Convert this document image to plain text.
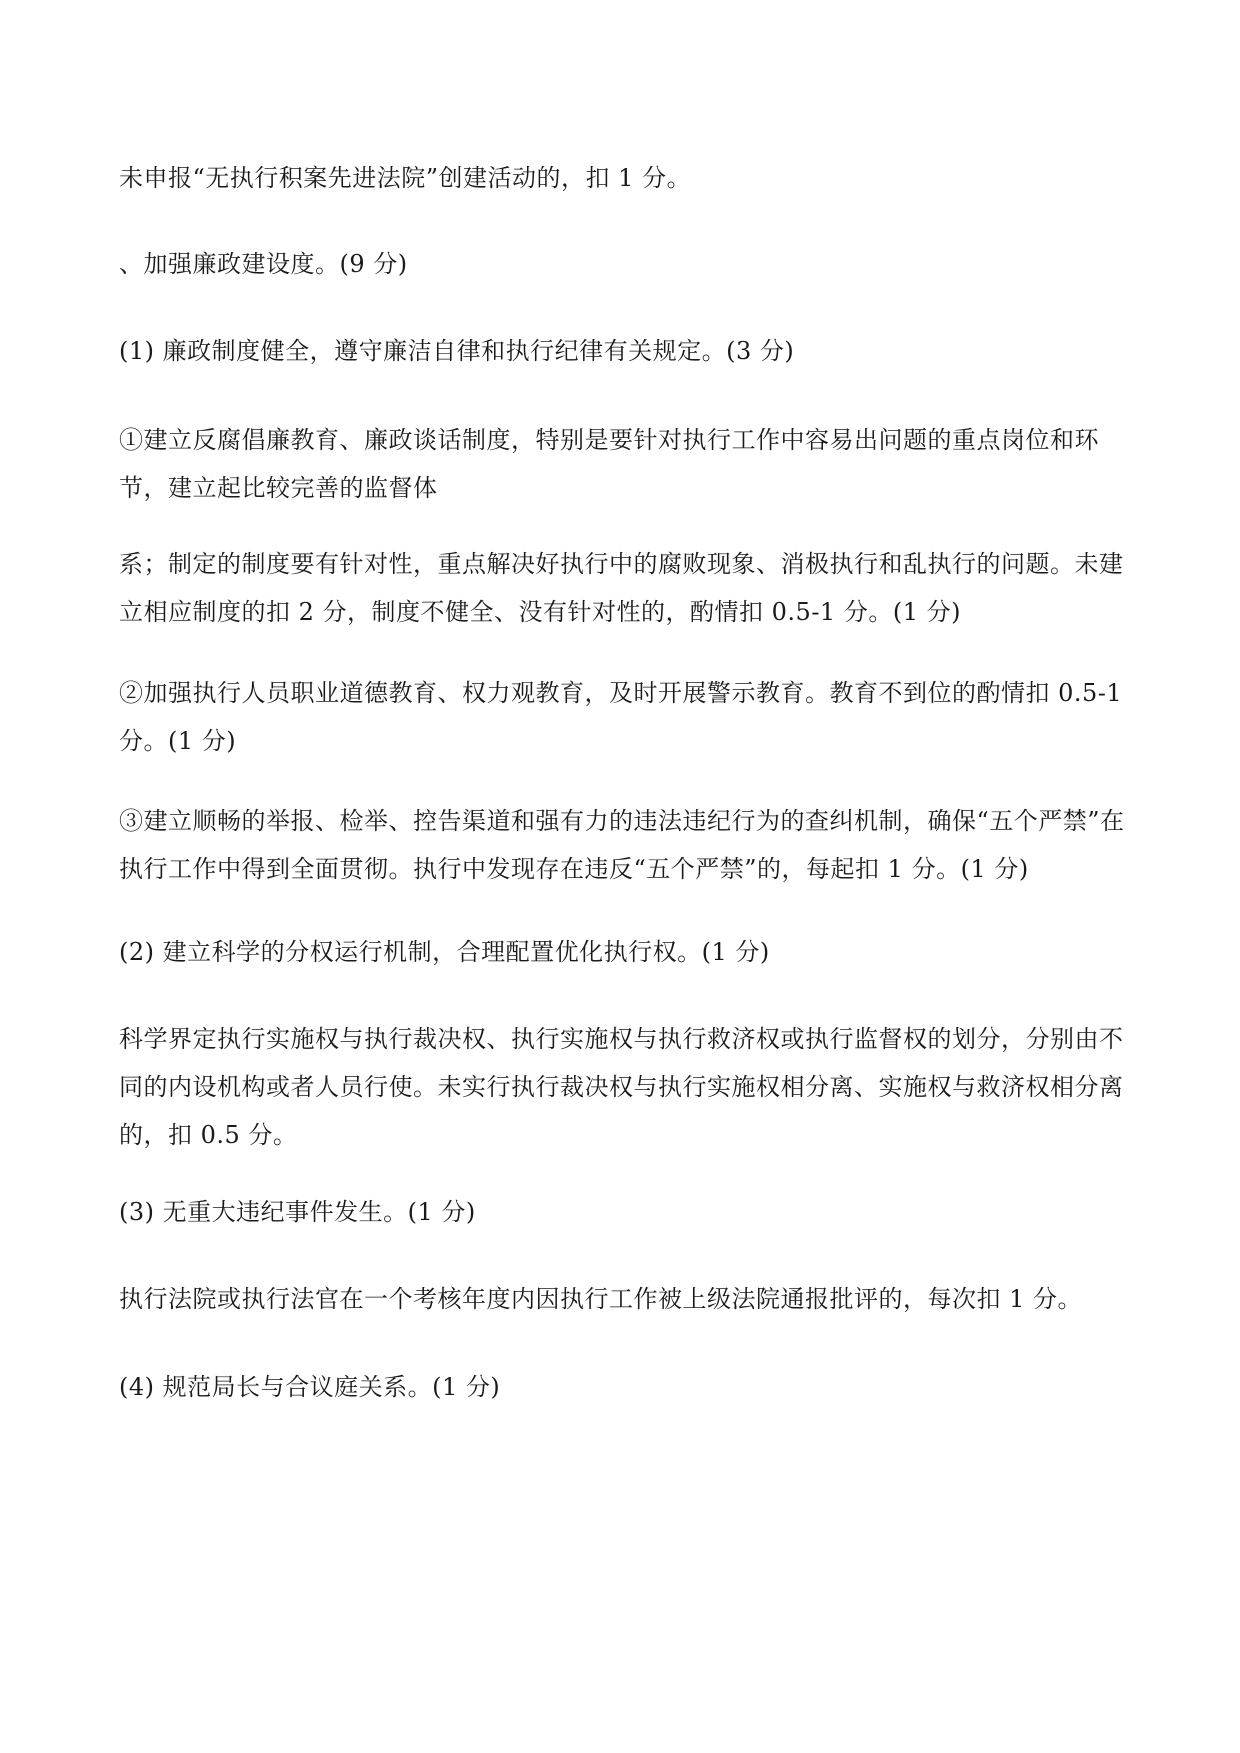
未申报“无执行积案先进法院”创建活动的，扣 1 分。

、加强廉政建设度。(9 分)

(1) 廉政制度健全，遵守廉洁自律和执行纪律有关规定。(3 分)

①建立反腐倡廉教育、廉政谈话制度，特别是要针对执行工作中容易出问题的重点岗位和环节，建立起比较完善的监督体

系；制定的制度要有针对性，重点解决好执行中的腐败现象、消极执行和乱执行的问题。未建立相应制度的扣 2 分，制度不健全、没有针对性的，酌情扣 0.5-1 分。(1 分)

②加强执行人员职业道德教育、权力观教育，及时开展警示教育。教育不到位的酌情扣 0.5-1 分。(1 分)

③建立顺畅的举报、检举、控告渠道和强有力的违法违纪行为的查纠机制，确保“五个严禁”在执行工作中得到全面贯彻。执行中发现存在违反“五个严禁”的，每起扣 1 分。(1 分)

(2) 建立科学的分权运行机制，合理配置优化执行权。(1 分)

科学界定执行实施权与执行裁决权、执行实施权与执行救济权或执行监督权的划分，分别由不同的内设机构或者人员行使。未实行执行裁决权与执行实施权相分离、实施权与救济权相分离的，扣 0.5 分。

(3) 无重大违纪事件发生。(1 分)

执行法院或执行法官在一个考核年度内因执行工作被上级法院通报批评的，每次扣 1 分。

(4) 规范局长与合议庭关系。(1 分)
